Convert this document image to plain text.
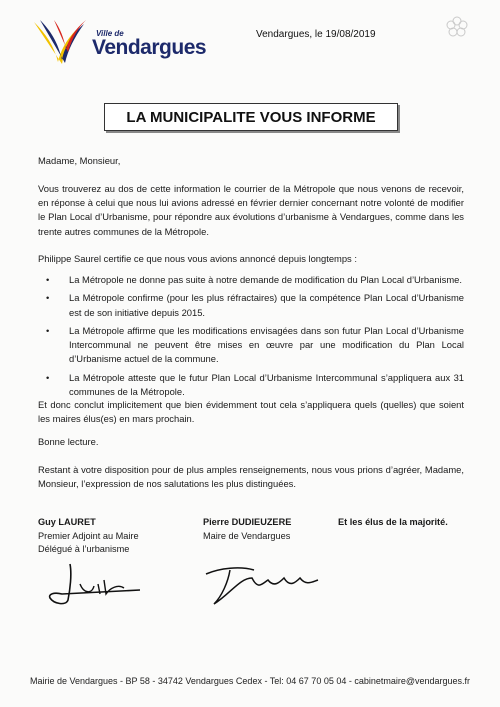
Ville de
Vendargues
Vendargues, le 19/08/2019
LA MUNICIPALITE VOUS INFORME
Madame, Monsieur,
Vous trouverez au dos de cette information le courrier de la Métropole que nous venons de recevoir, en réponse à celui que nous lui avions adressé en février dernier concernant notre volonté de modifier le Plan Local d’Urbanisme, pour répondre aux évolutions d’urbanisme à Vendargues, comme dans les trente autres communes de la Métropole.
Philippe Saurel certifie ce que nous vous avions annoncé depuis longtemps :
• La Métropole ne donne pas suite à notre demande de modification du Plan Local d’Urbanisme.
• La Métropole confirme (pour les plus réfractaires) que la compétence Plan Local d’Urbanisme est de son initiative depuis 2015.
• La Métropole affirme que les modifications envisagées dans son futur Plan Local d’Urbanisme Intercommunal ne peuvent être mises en œuvre par une modification du Plan Local d’Urbanisme actuel de la commune.
• La Métropole atteste que le futur Plan Local d’Urbanisme Intercommunal s’appliquera aux 31 communes de la Métropole.
Et donc conclut implicitement que bien évidemment tout cela s’appliquera quels (quelles) que soient les maires élus(es) en mars prochain.
Bonne lecture.
Restant à votre disposition pour de plus amples renseignements, nous vous prions d’agréer, Madame, Monsieur, l’expression de nos salutations les plus distinguées.
Guy LAURET
Premier Adjoint au Maire
Délégué à l’urbanisme
Pierre DUDIEUZERE
Maire de Vendargues
Et les élus de la majorité.
Mairie de Vendargues - BP 58 - 34742 Vendargues Cedex - Tel: 04 67 70 05 04 - cabinetmaire@vendargues.fr
